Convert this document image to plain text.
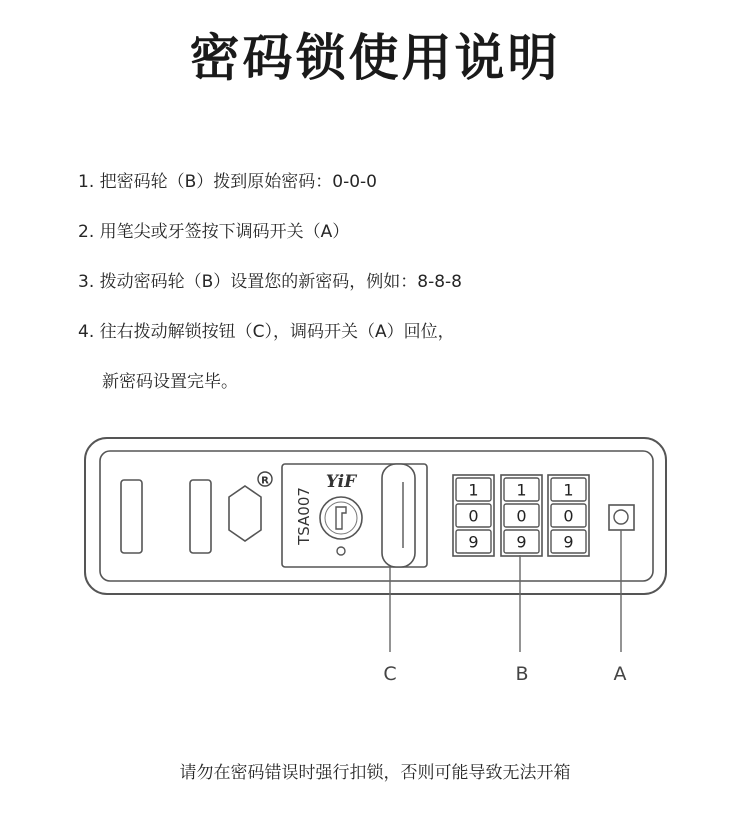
密码锁使用说明
1. 把密码轮（B）拨到原始密码：0-0-0
2. 用笔尖或牙签按下调码开关（A）
3. 拨动密码轮（B）设置您的新密码，例如：8-8-8
4. 往右拨动解锁按钮（C），调码开关（A）回位，
新密码设置完毕。
R	YiF
TSA007	1
0
9
1
0
9
1
0
9
C	B	A
请勿在密码错误时强行扣锁，否则可能导致无法开箱
